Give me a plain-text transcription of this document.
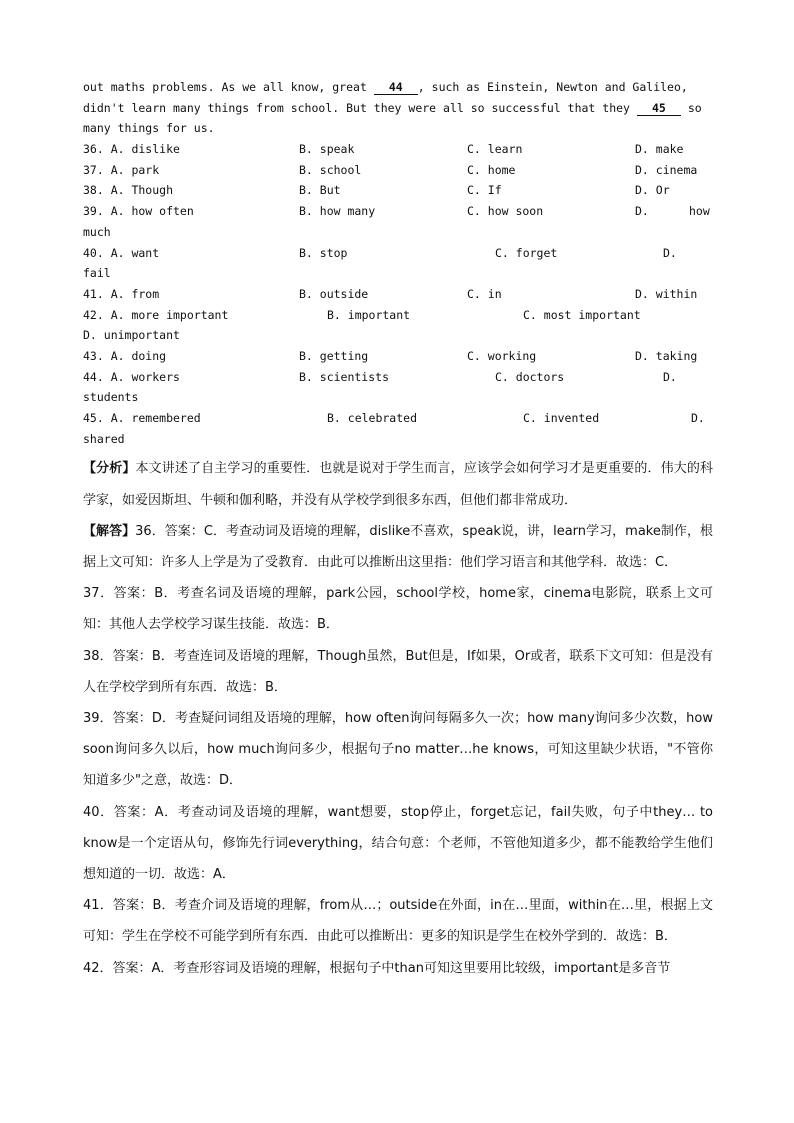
out maths problems. As we all know, great 44 , such as Einstein, Newton and Galileo,
didn't learn many things from school. But they were all so successful that they 45 so
many things for us.
36. A. dislike	B. speak	C. learn	D. make
37. A. park	B. school	C. home	D. cinema
38. A. Though	B. But	C. If	D. Or
39. A. how often	B. how many	C. how soon	D.	how
much
40. A. want	B. stop	C. forget	D.
fail
41. A. from	B. outside	C. in	D. within
42. A. more important	B. important	C. most important
D. unimportant
43. A. doing	B. getting	C. working	D. taking
44. A. workers	B. scientists	C. doctors	D.
students
45. A. remembered	B. celebrated	C. invented	D.
shared

【分析】本文讲述了自主学习的重要性．也就是说对于学生而言，应该学会如何学习才是更重要的．伟大的科学家，如爱因斯坦、牛顿和伽利略，并没有从学校学到很多东西，但他们都非常成功．

【解答】36．答案：C．考查动词及语境的理解，dislike不喜欢，speak说，讲，learn学习，make制作，根据上文可知：许多人上学是为了受教育．由此可以推断出这里指：他们学习语言和其他学科．故选：C．

37．答案：B．考查名词及语境的理解，park公园，school学校，home家，cinema电影院，联系上文可知：其他人去学校学习谋生技能．故选：B．

38．答案：B．考查连词及语境的理解，Though虽然，But但是，If如果，Or或者，联系下文可知：但是没有人在学校学到所有东西．故选：B．

39．答案：D．考查疑问词组及语境的理解，how often询问每隔多久一次；how many询问多少次数，how soon询问多久以后，how much询问多少，根据句子no matter…he knows，可知这里缺少状语，"不管你知道多少"之意，故选：D．

40．答案：A．考查动词及语境的理解，want想要，stop停止，forget忘记，fail失败，句子中they… to know是一个定语从句，修饰先行词everything，结合句意：个老师，不管他知道多少，都不能教给学生他们想知道的一切．故选：A．

41．答案：B．考查介词及语境的理解，from从…；outside在外面，in在…里面，within在…里，根据上文可知：学生在学校不可能学到所有东西．由此可以推断出：更多的知识是学生在校外学到的．故选：B．

42．答案：A．考查形容词及语境的理解，根据句子中than可知这里要用比较级，important是多音节
